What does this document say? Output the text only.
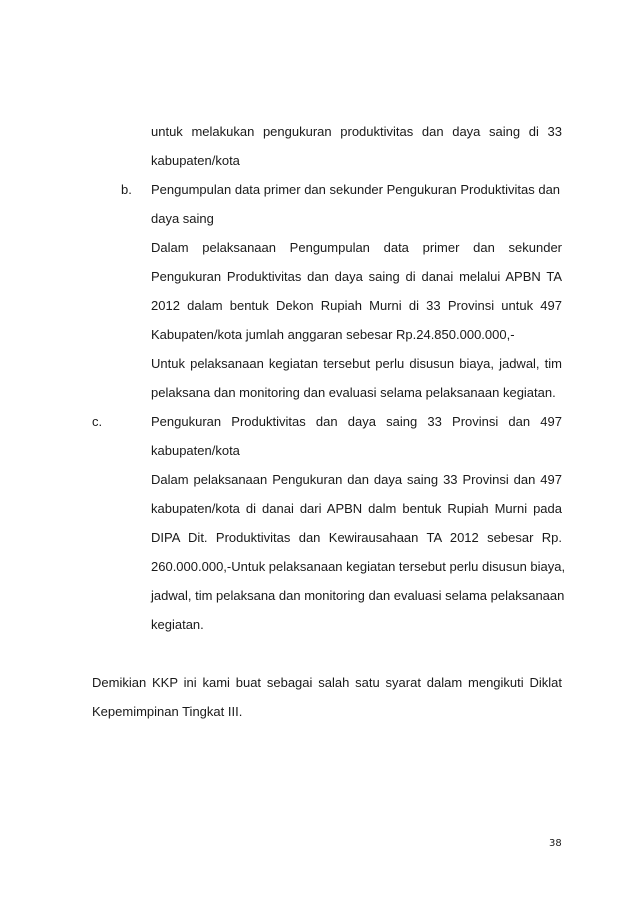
untuk melakukan pengukuran produktivitas dan daya saing di 33
kabupaten/kota
b. Pengumpulan data primer dan sekunder Pengukuran Produktivitas dan
daya saing
Dalam pelaksanaan Pengumpulan data primer dan sekunder
Pengukuran Produktivitas dan daya saing di danai melalui APBN TA
2012 dalam bentuk Dekon Rupiah Murni di 33 Provinsi untuk 497
Kabupaten/kota jumlah anggaran sebesar Rp.24.850.000.000,-
Untuk pelaksanaan kegiatan tersebut perlu disusun biaya, jadwal, tim
pelaksana dan monitoring dan evaluasi selama pelaksanaan kegiatan.
c.	Pengukuran Produktivitas dan daya saing 33 Provinsi dan 497
kabupaten/kota
Dalam pelaksanaan Pengukuran dan daya saing 33 Provinsi dan 497
kabupaten/kota di danai dari APBN dalm bentuk Rupiah Murni pada
DIPA Dit. Produktivitas dan Kewirausahaan TA 2012 sebesar Rp.
260.000.000,-Untuk pelaksanaan kegiatan tersebut perlu disusun biaya,
jadwal, tim pelaksana dan monitoring dan evaluasi selama pelaksanaan
kegiatan.
Demikian KKP ini kami buat sebagai salah satu syarat dalam mengikuti Diklat
Kepemimpinan Tingkat III.
38
